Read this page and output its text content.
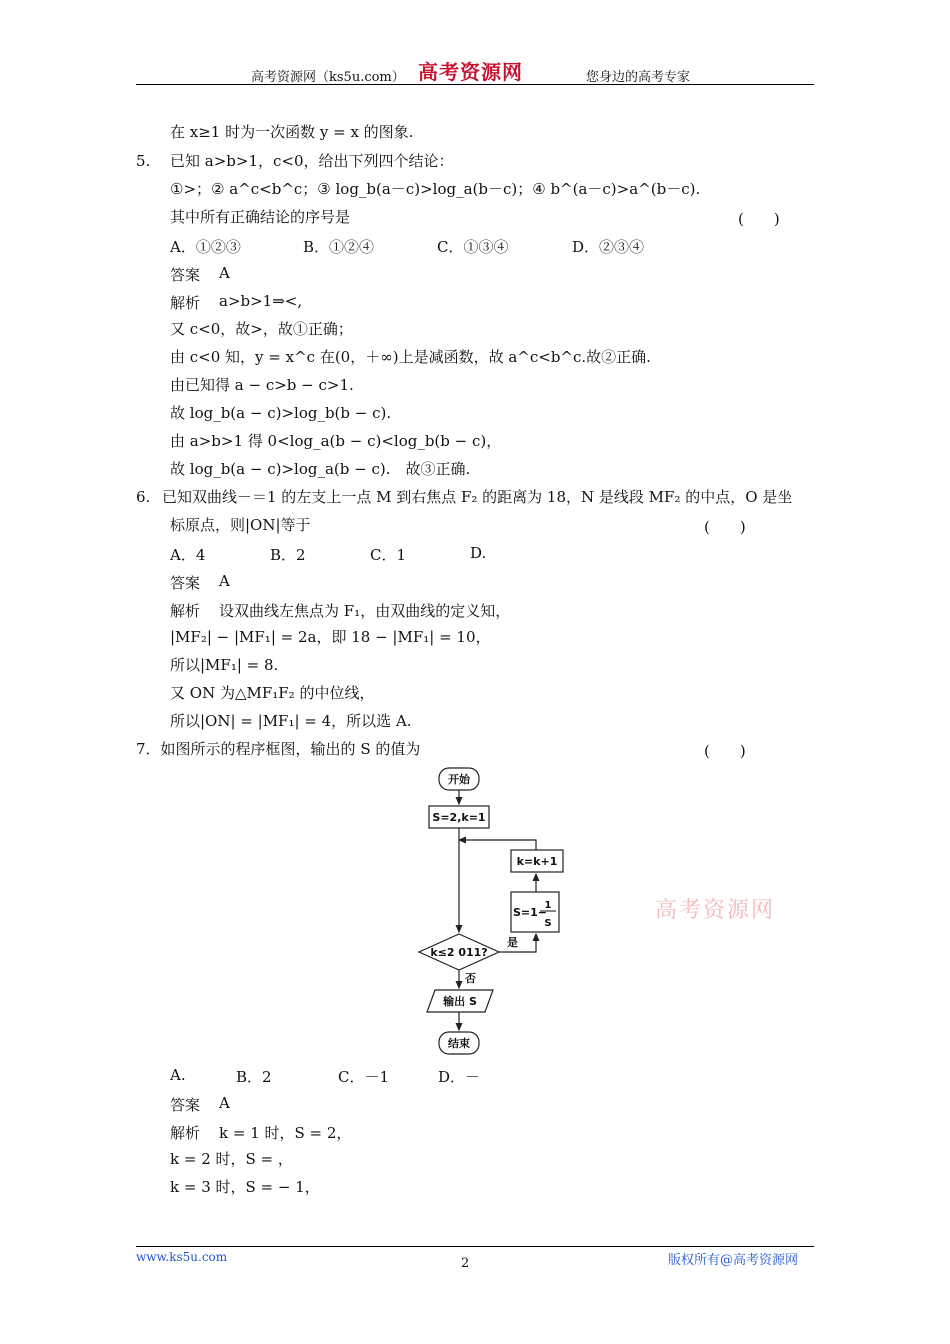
高考资源网（ks5u.com） 高考资源网	您身边的高考专家
在 x≥1 时为一次函数 y = x 的图象.
5. 已知 a>b>1，c<0，给出下列四个结论：
①>；② a^c<b^c；③ log_b(a－c)>log_a(b－c)；④ b^(a－c)>a^(b－c).
其中所有正确结论的序号是	(　　)
A．①②③	B．①②④	C．①③④	D．②③④
答案 A
解析 a>b>1⇒<,
又 c<0，故>，故①正确；
由 c<0 知，y = x^c 在(0，＋∞)上是减函数，故 a^c<b^c.故②正确.
由已知得 a − c>b − c>1.
故 log_b(a − c)>log_b(b − c).
由 a>b>1 得 0<log_a(b − c)<log_b(b − c)，
故 log_b(a − c)>log_a(b − c).　故③正确.
6. 已知双曲线－＝1 的左支上一点 M 到右焦点 F₂ 的距离为 18，N 是线段 MF₂ 的中点，O 是坐
标原点，则|ON|等于	(　　)
A．4	B．2	C．1	D.
答案 A
解析 设双曲线左焦点为 F₁，由双曲线的定义知，
|MF₂| − |MF₁| = 2a，即 18 − |MF₁| = 10，
所以|MF₁| = 8.
又 ON 为△MF₁F₂ 的中位线，
所以|ON| = |MF₁| = 4，所以选 A.
7．如图所示的程序框图，输出的 S 的值为	(　　)
开始
S=2,k=1
k=k+1
S=1−
1
S
k≤2 011?
是
否
输出 S
结束
高考资源网
A.	B．2	C．－1	D．－
答案 A
解析 k = 1 时，S = 2，
k = 2 时，S = ，
k = 3 时，S = − 1，
www.ks5u.com	2	版权所有@高考资源网
